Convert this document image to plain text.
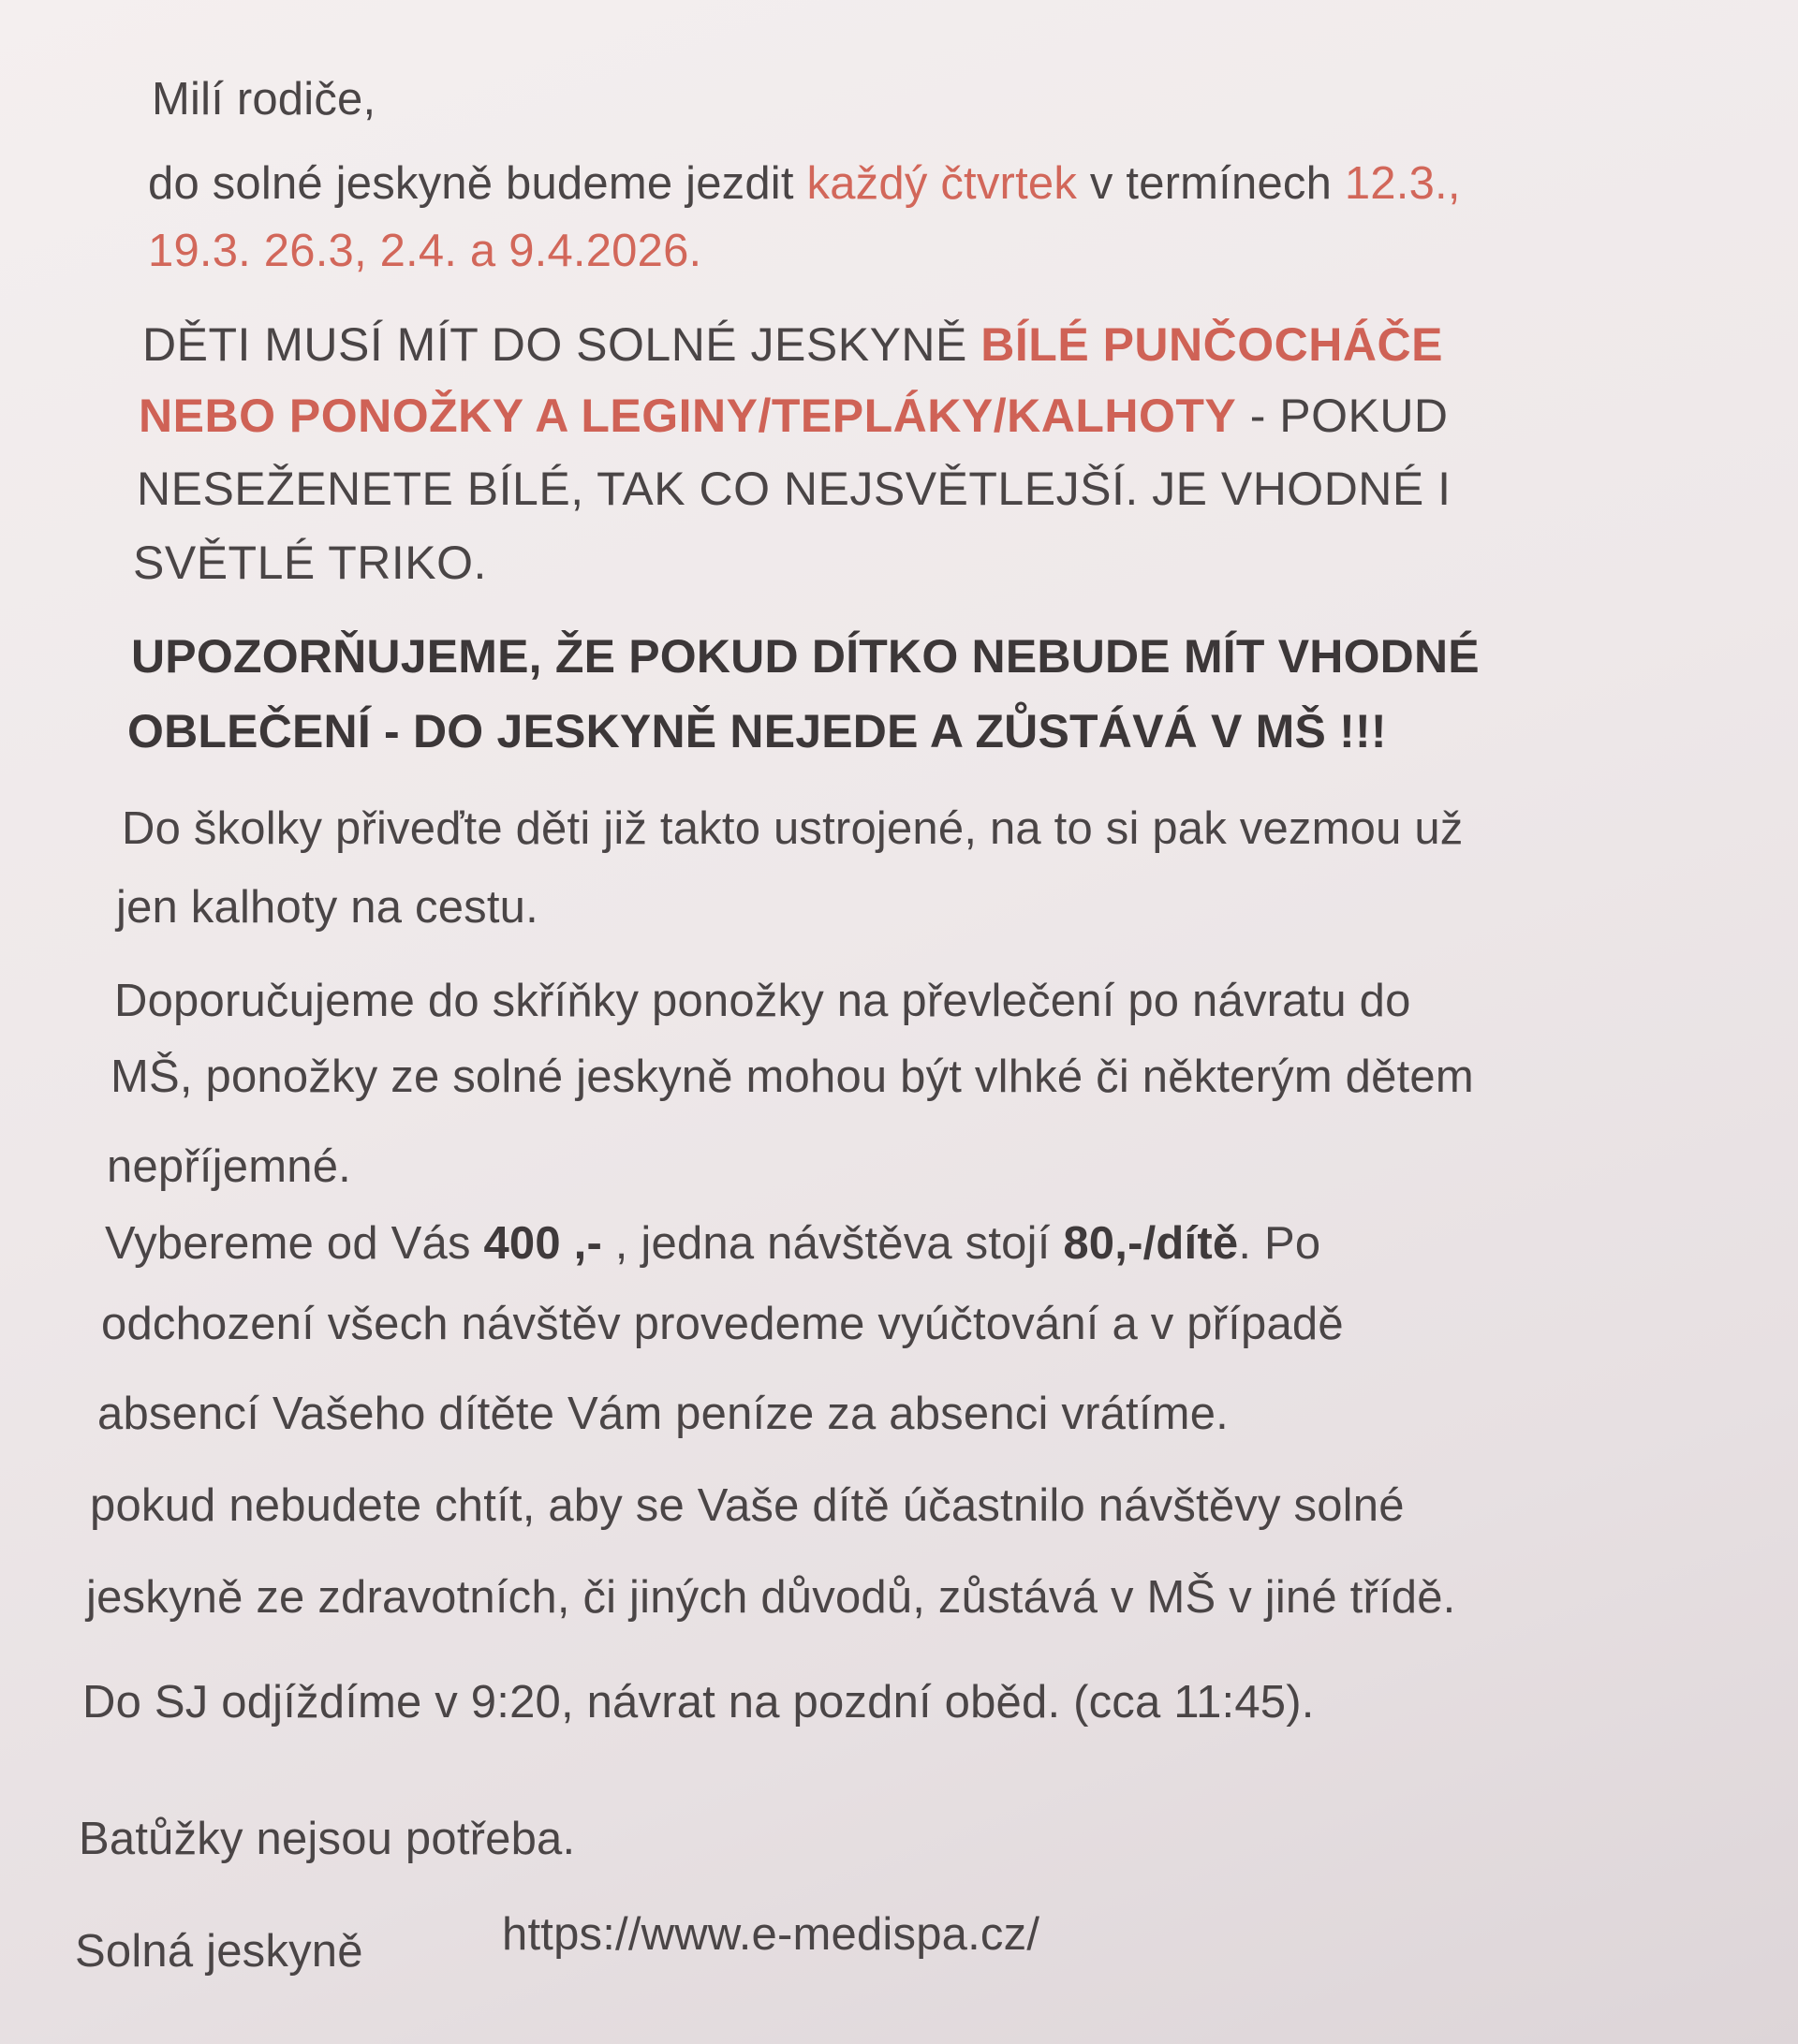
Milí rodiče,
do solné jeskyně budeme jezdit každý čtvrtek v termínech 12.3.,
19.3. 26.3, 2.4. a 9.4.2026.
DĚTI MUSÍ MÍT DO SOLNÉ JESKYNĚ BÍLÉ PUNČOCHÁČE
NEBO PONOŽKY A LEGINY/TEPLÁKY/KALHOTY - POKUD
NESEŽENETE BÍLÉ, TAK CO NEJSVĚTLEJŠÍ. JE VHODNÉ I
SVĚTLÉ TRIKO.
UPOZORŇUJEME, ŽE POKUD DÍTKO NEBUDE MÍT VHODNÉ
OBLEČENÍ - DO JESKYNĚ NEJEDE A ZŮSTÁVÁ V MŠ !!!
Do školky přiveďte děti již takto ustrojené, na to si pak vezmou už
jen kalhoty na cestu.
Doporučujeme do skříňky ponožky na převlečení po návratu do
MŠ, ponožky ze solné jeskyně mohou být vlhké či některým dětem
nepříjemné.
Vybereme od Vás 400 ,- , jedna návštěva stojí 80,-/dítě. Po
odchození všech návštěv provedeme vyúčtování a v případě
absencí Vašeho dítěte Vám peníze za absenci vrátíme.
pokud nebudete chtít, aby se Vaše dítě účastnilo návštěvy solné
jeskyně ze zdravotních, či jiných důvodů, zůstává v MŠ v jiné třídě.
Do SJ odjíždíme v 9:20, návrat na pozdní oběd. (cca 11:45).
Batůžky nejsou potřeba.
Solná jeskyně	https://www.e-medispa.cz/
